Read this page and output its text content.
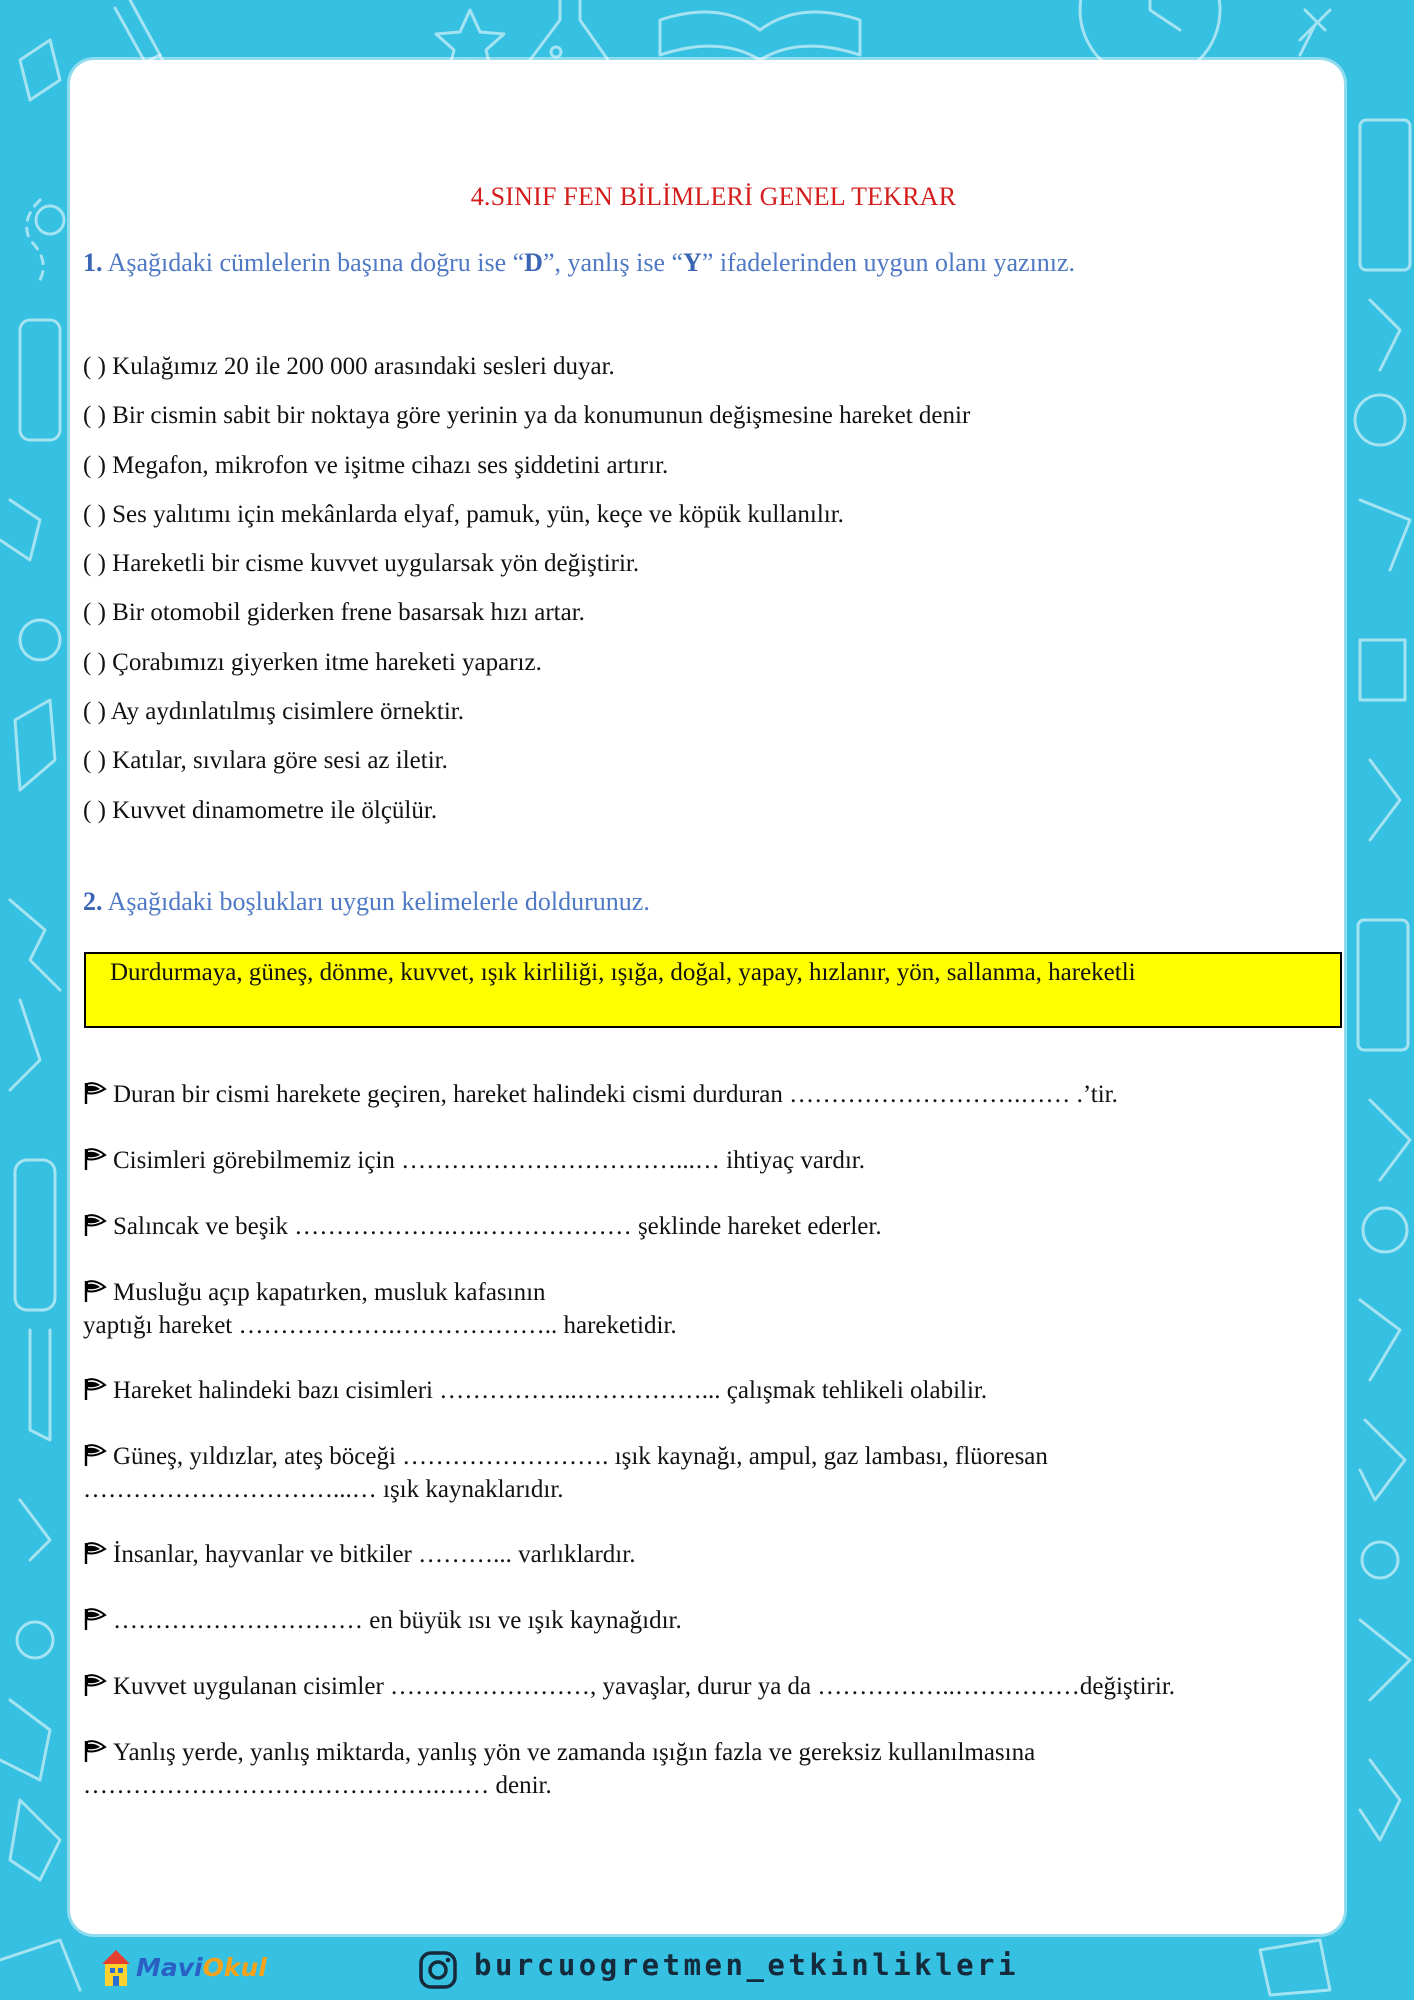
4.SINIF FEN BİLİMLERİ GENEL TEKRAR
1. Aşağıdaki cümlelerin başına doğru ise “D”, yanlış ise “Y” ifadelerinden uygun olanı yazınız.
( ) Kulağımız 20 ile 200 000 arasındaki sesleri duyar.
( ) Bir cismin sabit bir noktaya göre yerinin ya da konumunun değişmesine hareket denir
( ) Megafon, mikrofon ve işitme cihazı ses şiddetini artırır.
( ) Ses yalıtımı için mekânlarda elyaf, pamuk, yün, keçe ve köpük kullanılır.
( ) Hareketli bir cisme kuvvet uygularsak yön değiştirir.
( ) Bir otomobil giderken frene basarsak hızı artar.
( ) Çorabımızı giyerken itme hareketi yaparız.
( ) Ay aydınlatılmış cisimlere örnektir.
( ) Katılar, sıvılara göre sesi az iletir.
( ) Kuvvet dinamometre ile ölçülür.
2. Aşağıdaki boşlukları uygun kelimelerle doldurunuz.
Durdurmaya, güneş, dönme, kuvvet, ışık kirliliği, ışığa, doğal, yapay, hızlanır, yön, sallanma, hareketli
Duran bir cismi harekete geçiren, hareket halindeki cismi durduran ……………………….…… .’tir.
Cisimleri görebilmemiz için ……………………………...… ihtiyaç vardır.
Salıncak ve beşik ……………….….……………… şeklinde hareket ederler.
Musluğu açıp kapatırken, musluk kafasının
yaptığı hareket ……………….……………….. hareketidir.
Hareket halindeki bazı cisimleri ……………..……………... çalışmak tehlikeli olabilir.
Güneş, yıldızlar, ateş böceği ……………………. ışık kaynağı, ampul, gaz lambası, flüoresan
…………………………...… ışık kaynaklarıdır.
İnsanlar, hayvanlar ve bitkiler ………... varlıklardır.
………………………… en büyük ısı ve ışık kaynağıdır.
Kuvvet uygulanan cisimler ……………………, yavaşlar, durur ya da ……………..……………değiştirir.
Yanlış yerde, yanlış miktarda, yanlış yön ve zamanda ışığın fazla ve gereksiz kullanılmasına
…………………………………….…… denir.
MaviOkul	burcuogretmen_etkinlikleri
